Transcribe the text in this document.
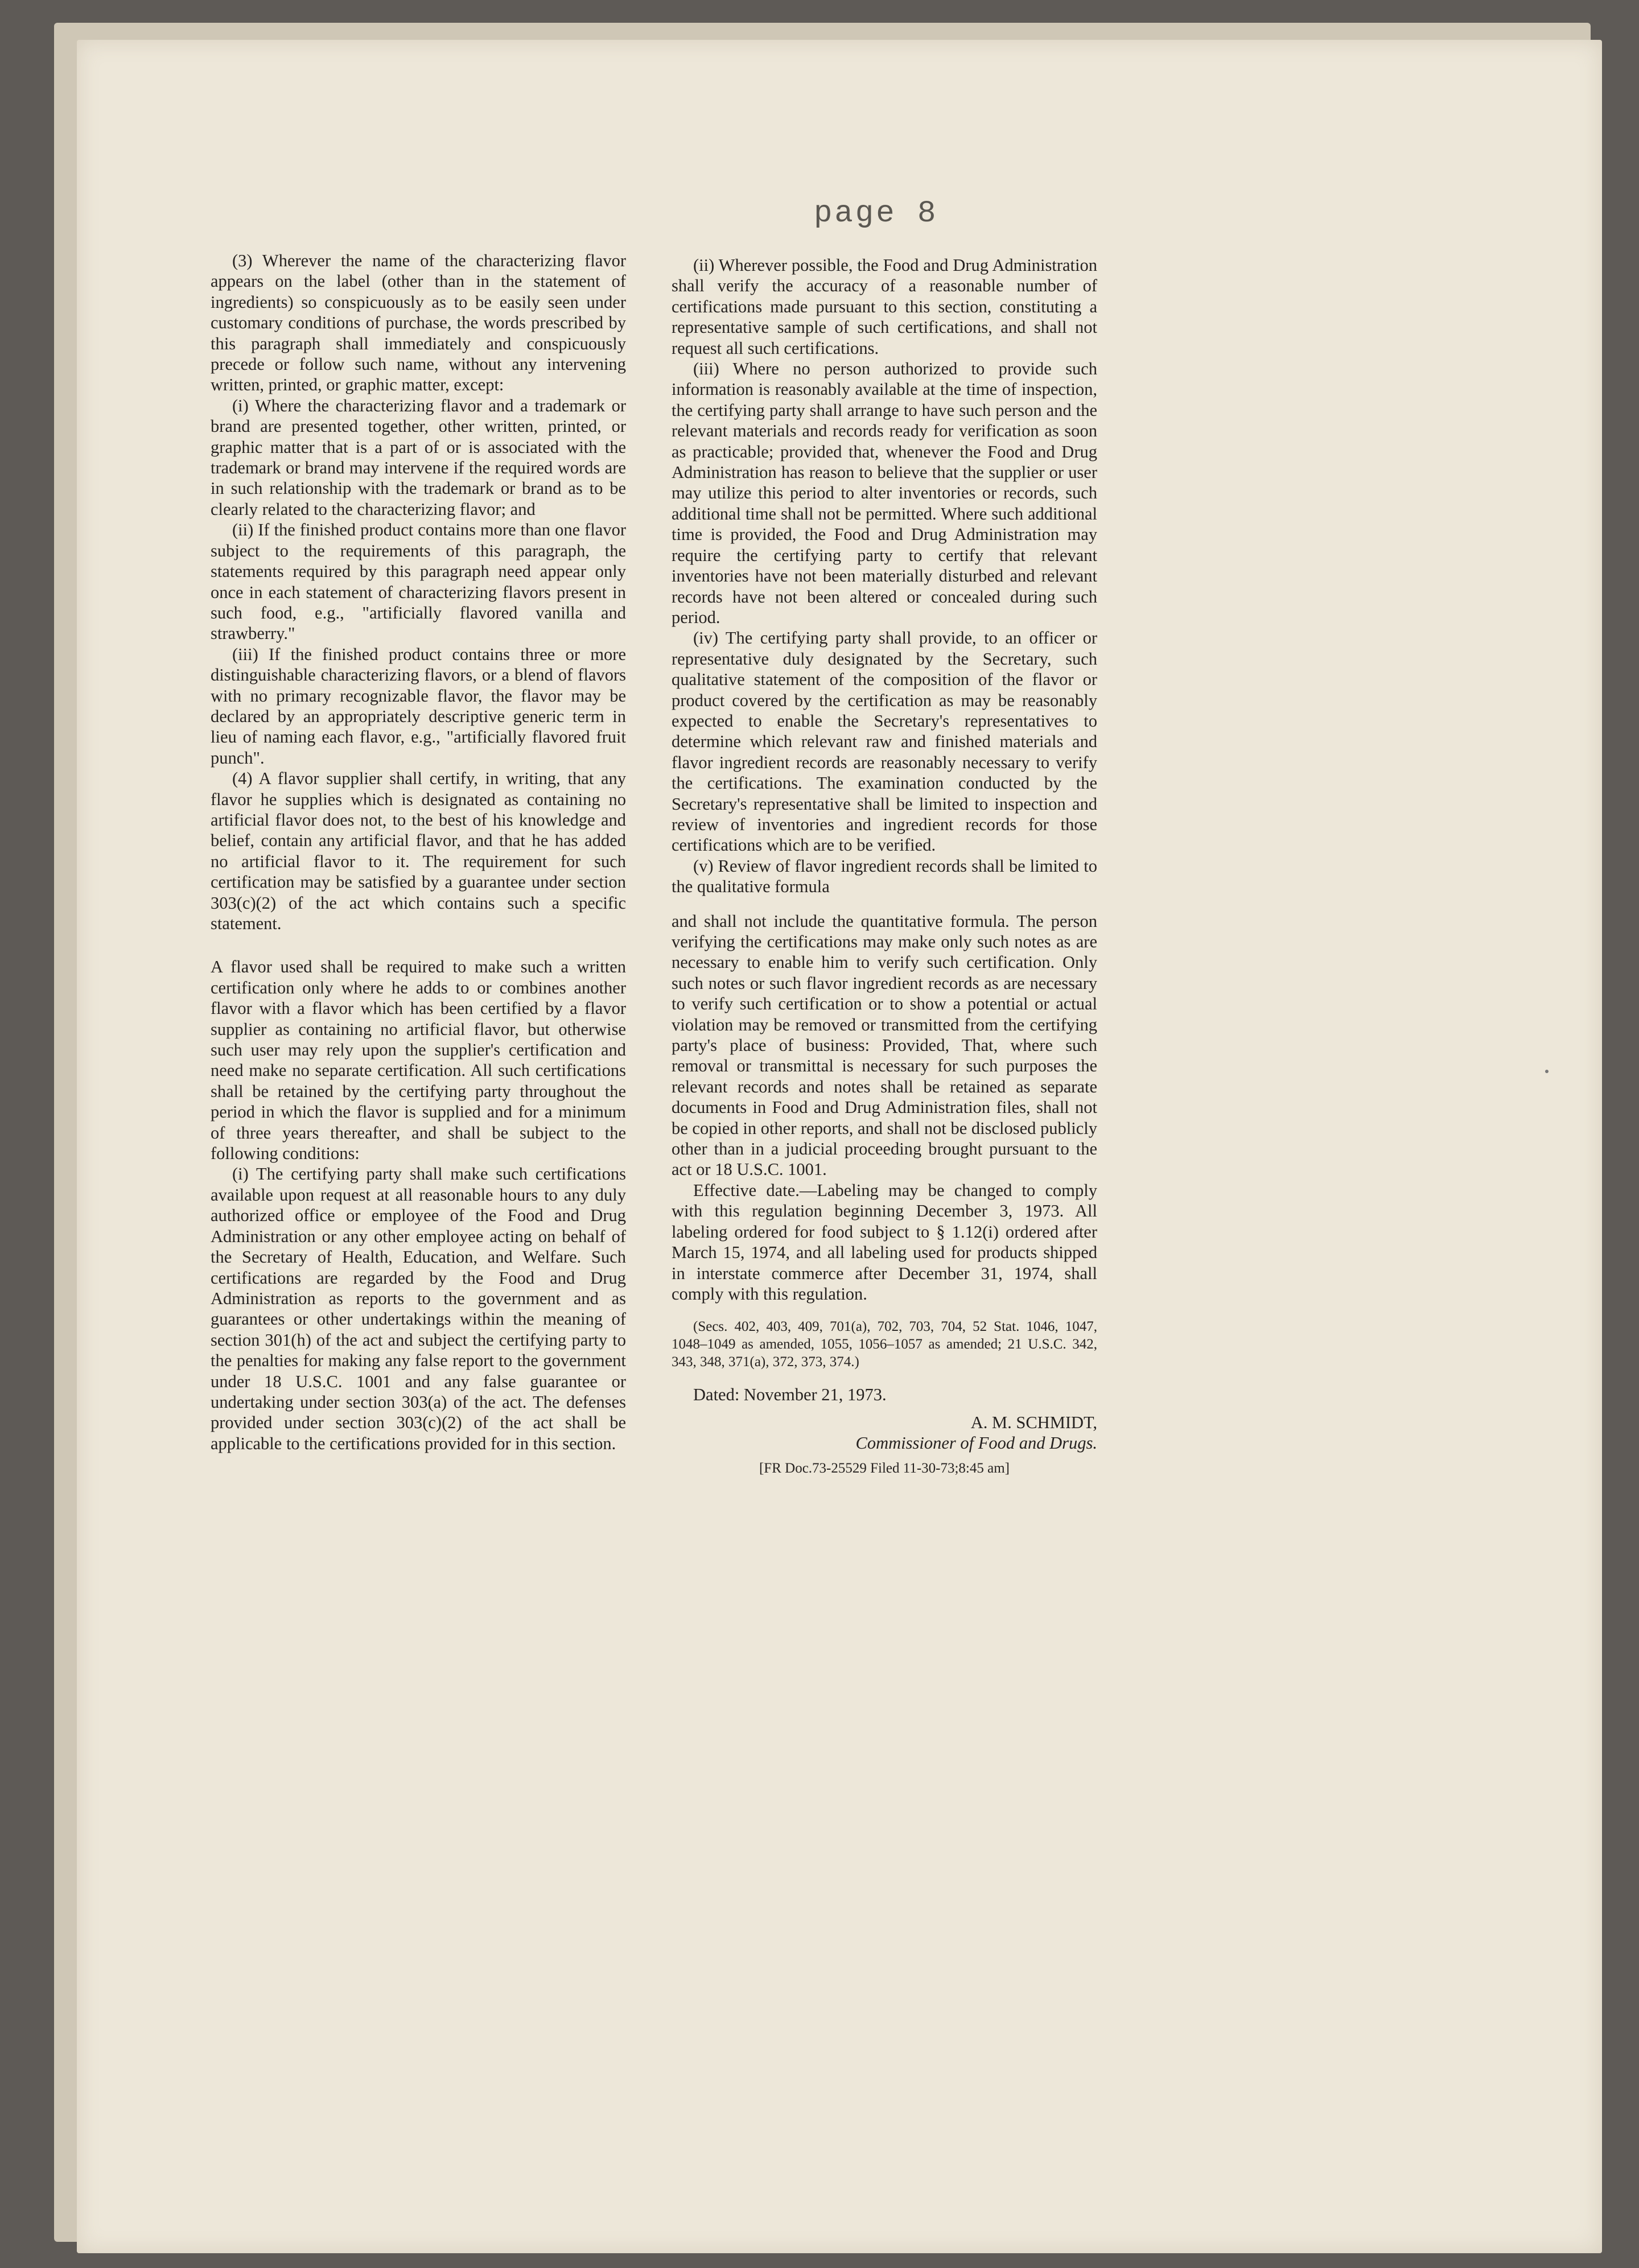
page 8

(3) Wherever the name of the characterizing flavor appears on the label (other than in the statement of ingredients) so conspicuously as to be easily seen under customary conditions of purchase, the words prescribed by this paragraph shall immediately and conspicuously precede or follow such name, without any intervening written, printed, or graphic matter, except:

(i) Where the characterizing flavor and a trademark or brand are presented together, other written, printed, or graphic matter that is a part of or is associated with the trademark or brand may intervene if the required words are in such relationship with the trademark or brand as to be clearly related to the characterizing flavor; and

(ii) If the finished product contains more than one flavor subject to the requirements of this paragraph, the statements required by this paragraph need appear only once in each statement of characterizing flavors present in such food, e.g., "artificially flavored vanilla and strawberry."

(iii) If the finished product contains three or more distinguishable characterizing flavors, or a blend of flavors with no primary recognizable flavor, the flavor may be declared by an appropriately descriptive generic term in lieu of naming each flavor, e.g., "artificially flavored fruit punch".

(4) A flavor supplier shall certify, in writing, that any flavor he supplies which is designated as containing no artificial flavor does not, to the best of his knowledge and belief, contain any artificial flavor, and that he has added no artificial flavor to it. The requirement for such certification may be satisfied by a guarantee under section 303(c)(2) of the act which contains such a specific statement.

A flavor used shall be required to make such a written certification only where he adds to or combines another flavor with a flavor which has been certified by a flavor supplier as containing no artificial flavor, but otherwise such user may rely upon the supplier's certification and need make no separate certification. All such certifications shall be retained by the certifying party throughout the period in which the flavor is supplied and for a minimum of three years thereafter, and shall be subject to the following conditions:

(i) The certifying party shall make such certifications available upon request at all reasonable hours to any duly authorized office or employee of the Food and Drug Administration or any other employee acting on behalf of the Secretary of Health, Education, and Welfare. Such certifications are regarded by the Food and Drug Administration as reports to the government and as guarantees or other undertakings within the meaning of section 301(h) of the act and subject the certifying party to the penalties for making any false report to the government under 18 U.S.C. 1001 and any false guarantee or undertaking under section 303(a) of the act. The defenses provided under section 303(c)(2) of the act shall be applicable to the certifications provided for in this section.

(ii) Wherever possible, the Food and Drug Administration shall verify the accuracy of a reasonable number of certifications made pursuant to this section, constituting a representative sample of such certifications, and shall not request all such certifications.

(iii) Where no person authorized to provide such information is reasonably available at the time of inspection, the certifying party shall arrange to have such person and the relevant materials and records ready for verification as soon as practicable; provided that, whenever the Food and Drug Administration has reason to believe that the supplier or user may utilize this period to alter inventories or records, such additional time shall not be permitted. Where such additional time is provided, the Food and Drug Administration may require the certifying party to certify that relevant inventories have not been materially disturbed and relevant records have not been altered or concealed during such period.

(iv) The certifying party shall provide, to an officer or representative duly designated by the Secretary, such qualitative statement of the composition of the flavor or product covered by the certification as may be reasonably expected to enable the Secretary's representatives to determine which relevant raw and finished materials and flavor ingredient records are reasonably necessary to verify the certifications. The examination conducted by the Secretary's representative shall be limited to inspection and review of inventories and ingredient records for those certifications which are to be verified.

(v) Review of flavor ingredient records shall be limited to the qualitative formula

and shall not include the quantitative formula. The person verifying the certifications may make only such notes as are necessary to enable him to verify such certification. Only such notes or such flavor ingredient records as are necessary to verify such certification or to show a potential or actual violation may be removed or transmitted from the certifying party's place of business: Provided, That, where such removal or transmittal is necessary for such purposes the relevant records and notes shall be retained as separate documents in Food and Drug Administration files, shall not be copied in other reports, and shall not be disclosed publicly other than in a judicial proceeding brought pursuant to the act or 18 U.S.C. 1001.

Effective date.—Labeling may be changed to comply with this regulation beginning December 3, 1973. All labeling ordered for food subject to § 1.12(i) ordered after March 15, 1974, and all labeling used for products shipped in interstate commerce after December 31, 1974, shall comply with this regulation.

(Secs. 402, 403, 409, 701(a), 702, 703, 704, 52 Stat. 1046, 1047, 1048–1049 as amended, 1055, 1056–1057 as amended; 21 U.S.C. 342, 343, 348, 371(a), 372, 373, 374.)

Dated: November 21, 1973.

A. M. SCHMIDT,

Commissioner of Food and Drugs.

[FR Doc.73-25529 Filed 11-30-73;8:45 am]
